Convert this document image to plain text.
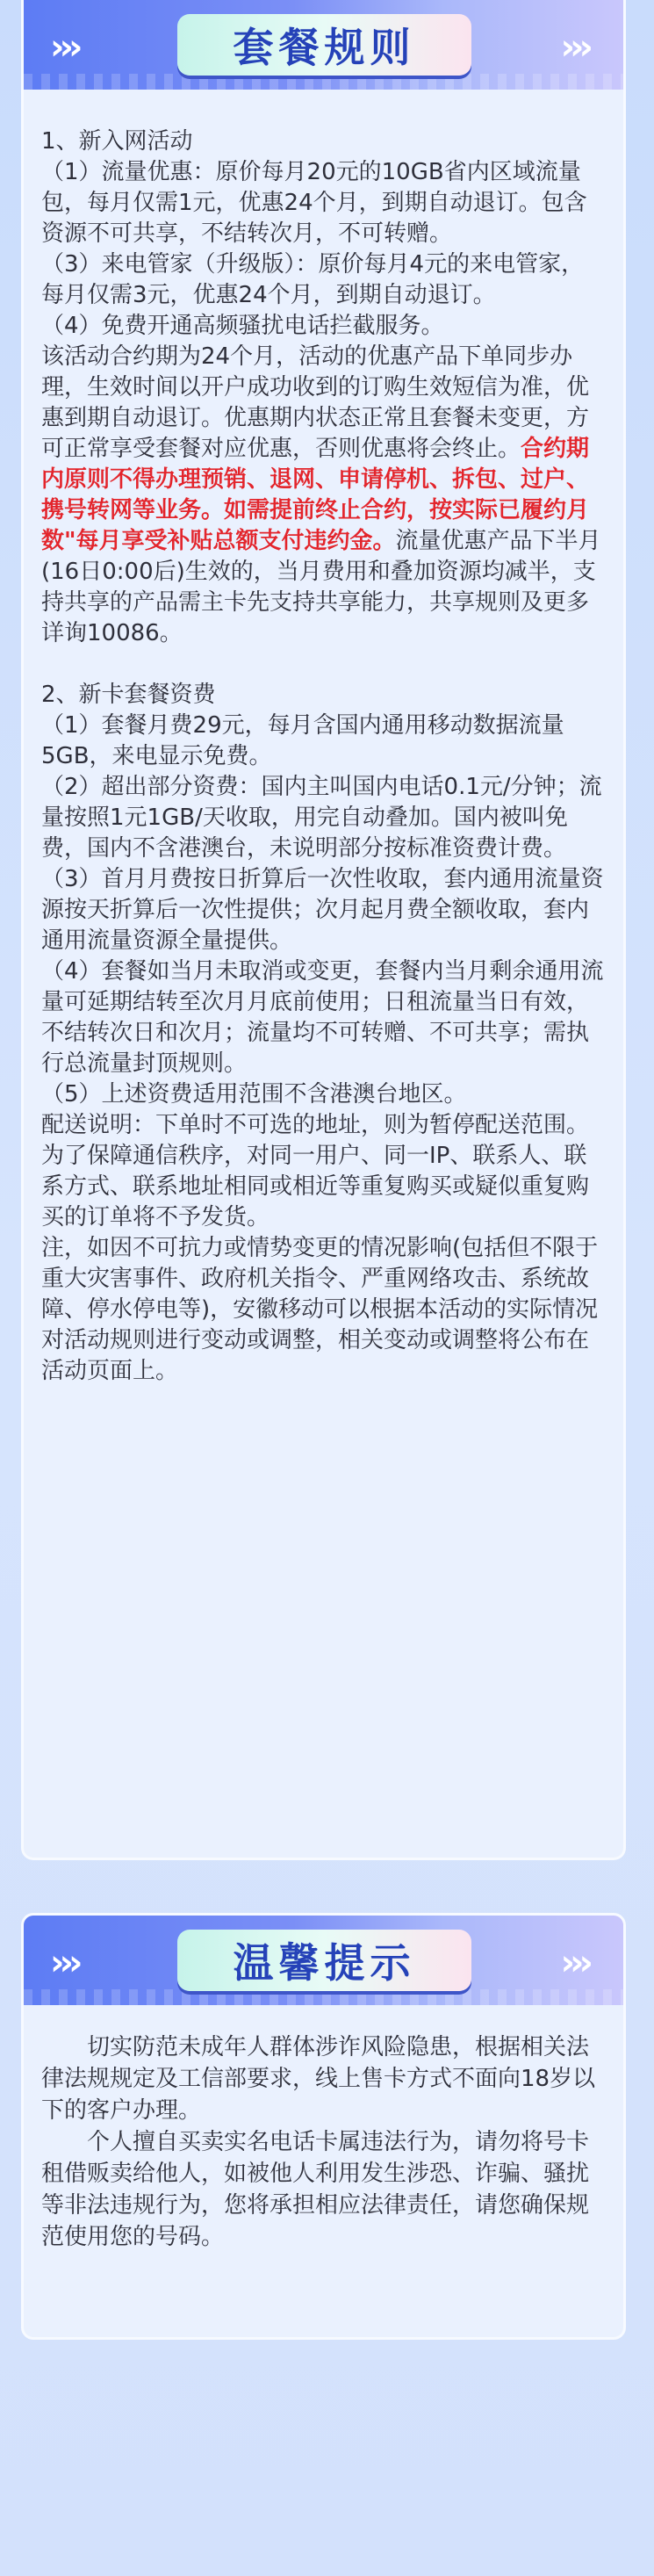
›››	›››
套餐规则

1、新入网活动

（1）流量优惠：原价每月20元的10GB省内区域流量包，每月仅需1元，优惠24个月，到期自动退订。包含资源不可共享，不结转次月，不可转赠。

（3）来电管家（升级版）：原价每月4元的来电管家，每月仅需3元，优惠24个月，到期自动退订。

（4）免费开通高频骚扰电话拦截服务。

该活动合约期为24个月，活动的优惠产品下单同步办理，生效时间以开户成功收到的订购生效短信为准，优惠到期自动退订。优惠期内状态正常且套餐未变更，方可正常享受套餐对应优惠，否则优惠将会终止。合约期内原则不得办理预销、退网、申请停机、拆包、过户、携号转网等业务。如需提前终止合约，按实际已履约月数"每月享受补贴总额支付违约金。流量优惠产品下半月(16日0:00后)生效的，当月费用和叠加资源均减半，支持共享的产品需主卡先支持共享能力，共享规则及更多详询10086。

2、新卡套餐资费

（1）套餐月费29元，每月含国内通用移动数据流量5GB，来电显示免费。

（2）超出部分资费：国内主叫国内电话0.1元/分钟；流量按照1元1GB/天收取，用完自动叠加。国内被叫免费，国内不含港澳台，未说明部分按标准资费计费。

（3）首月月费按日折算后一次性收取，套内通用流量资源按天折算后一次性提供；次月起月费全额收取，套内通用流量资源全量提供。

（4）套餐如当月未取消或变更，套餐内当月剩余通用流量可延期结转至次月月底前使用；日租流量当日有效，不结转次日和次月；流量均不可转赠、不可共享；需执行总流量封顶规则。

（5）上述资费适用范围不含港澳台地区。

配送说明：下单时不可选的地址，则为暂停配送范围。为了保障通信秩序，对同一用户、同一IP、联系人、联系方式、联系地址相同或相近等重复购买或疑似重复购买的订单将不予发货。

注，如因不可抗力或情势变更的情况影响(包括但不限于重大灾害事件、政府机关指令、严重网络攻击、系统故障、停水停电等)，安徽移动可以根据本活动的实际情况对活动规则进行变动或调整，相关变动或调整将公布在活动页面上。

›››	›››
温馨提示

切实防范未成年人群体涉诈风险隐患，根据相关法律法规规定及工信部要求，线上售卡方式不面向18岁以下的客户办理。

个人擅自买卖实名电话卡属违法行为，请勿将号卡租借贩卖给他人，如被他人利用发生涉恐、诈骗、骚扰等非法违规行为，您将承担相应法律责任，请您确保规范使用您的号码。
